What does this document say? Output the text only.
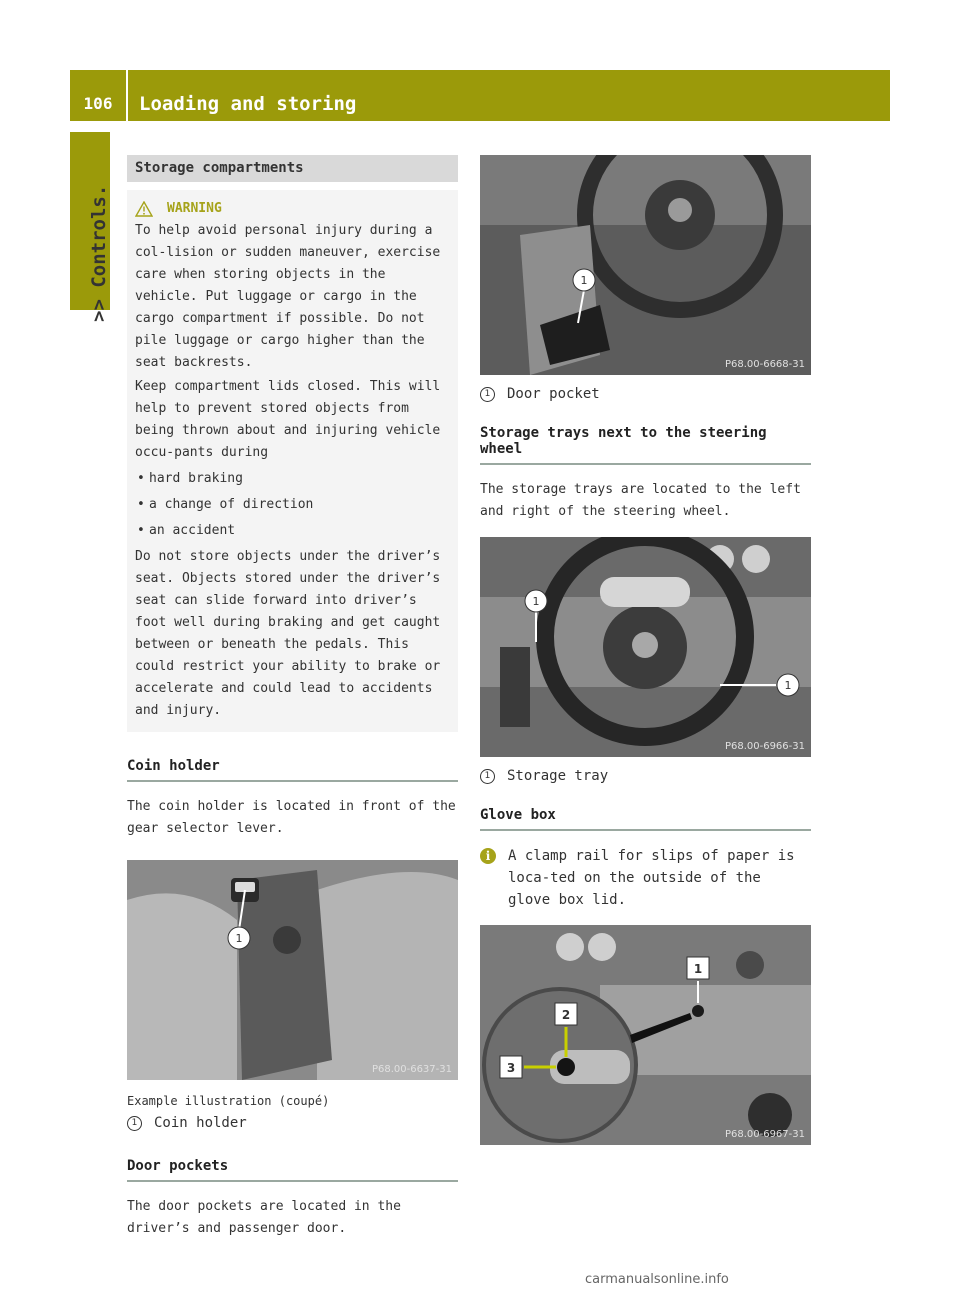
106	Loading and storing
>> Controls.
Storage compartments
WARNING

To help avoid personal injury during a col-lision or sudden maneuver, exercise care when storing objects in the vehicle. Put luggage or cargo in the cargo compartment if possible. Do not pile luggage or cargo higher than the seat backrests.

Keep compartment lids closed. This will help to prevent stored objects from being thrown about and injuring vehicle occu-pants during

• hard braking
• a change of direction
• an accident

Do not store objects under the driver’s seat. Objects stored under the driver’s seat can slide forward into driver’s foot well during braking and get caught between or beneath the pedals. This could restrict your ability to brake or accelerate and could lead to accidents and injury.

Coin holder

The coin holder is located in front of the gear selector lever.

1
P68.00-6637-31
Example illustration (coupé)
1	Coin holder
Door pockets

The door pockets are located in the driver’s and passenger door.

1
P68.00-6668-31
1	Door pocket
Storage trays next to the steering wheel

The storage trays are located to the left and right of the steering wheel.

1
1
P68.00-6966-31
1	Storage tray
Glove box
i	A clamp rail for slips of paper is loca-ted on the outside of the glove box lid.
1
2
3
P68.00-6967-31
carmanualsonline.info
